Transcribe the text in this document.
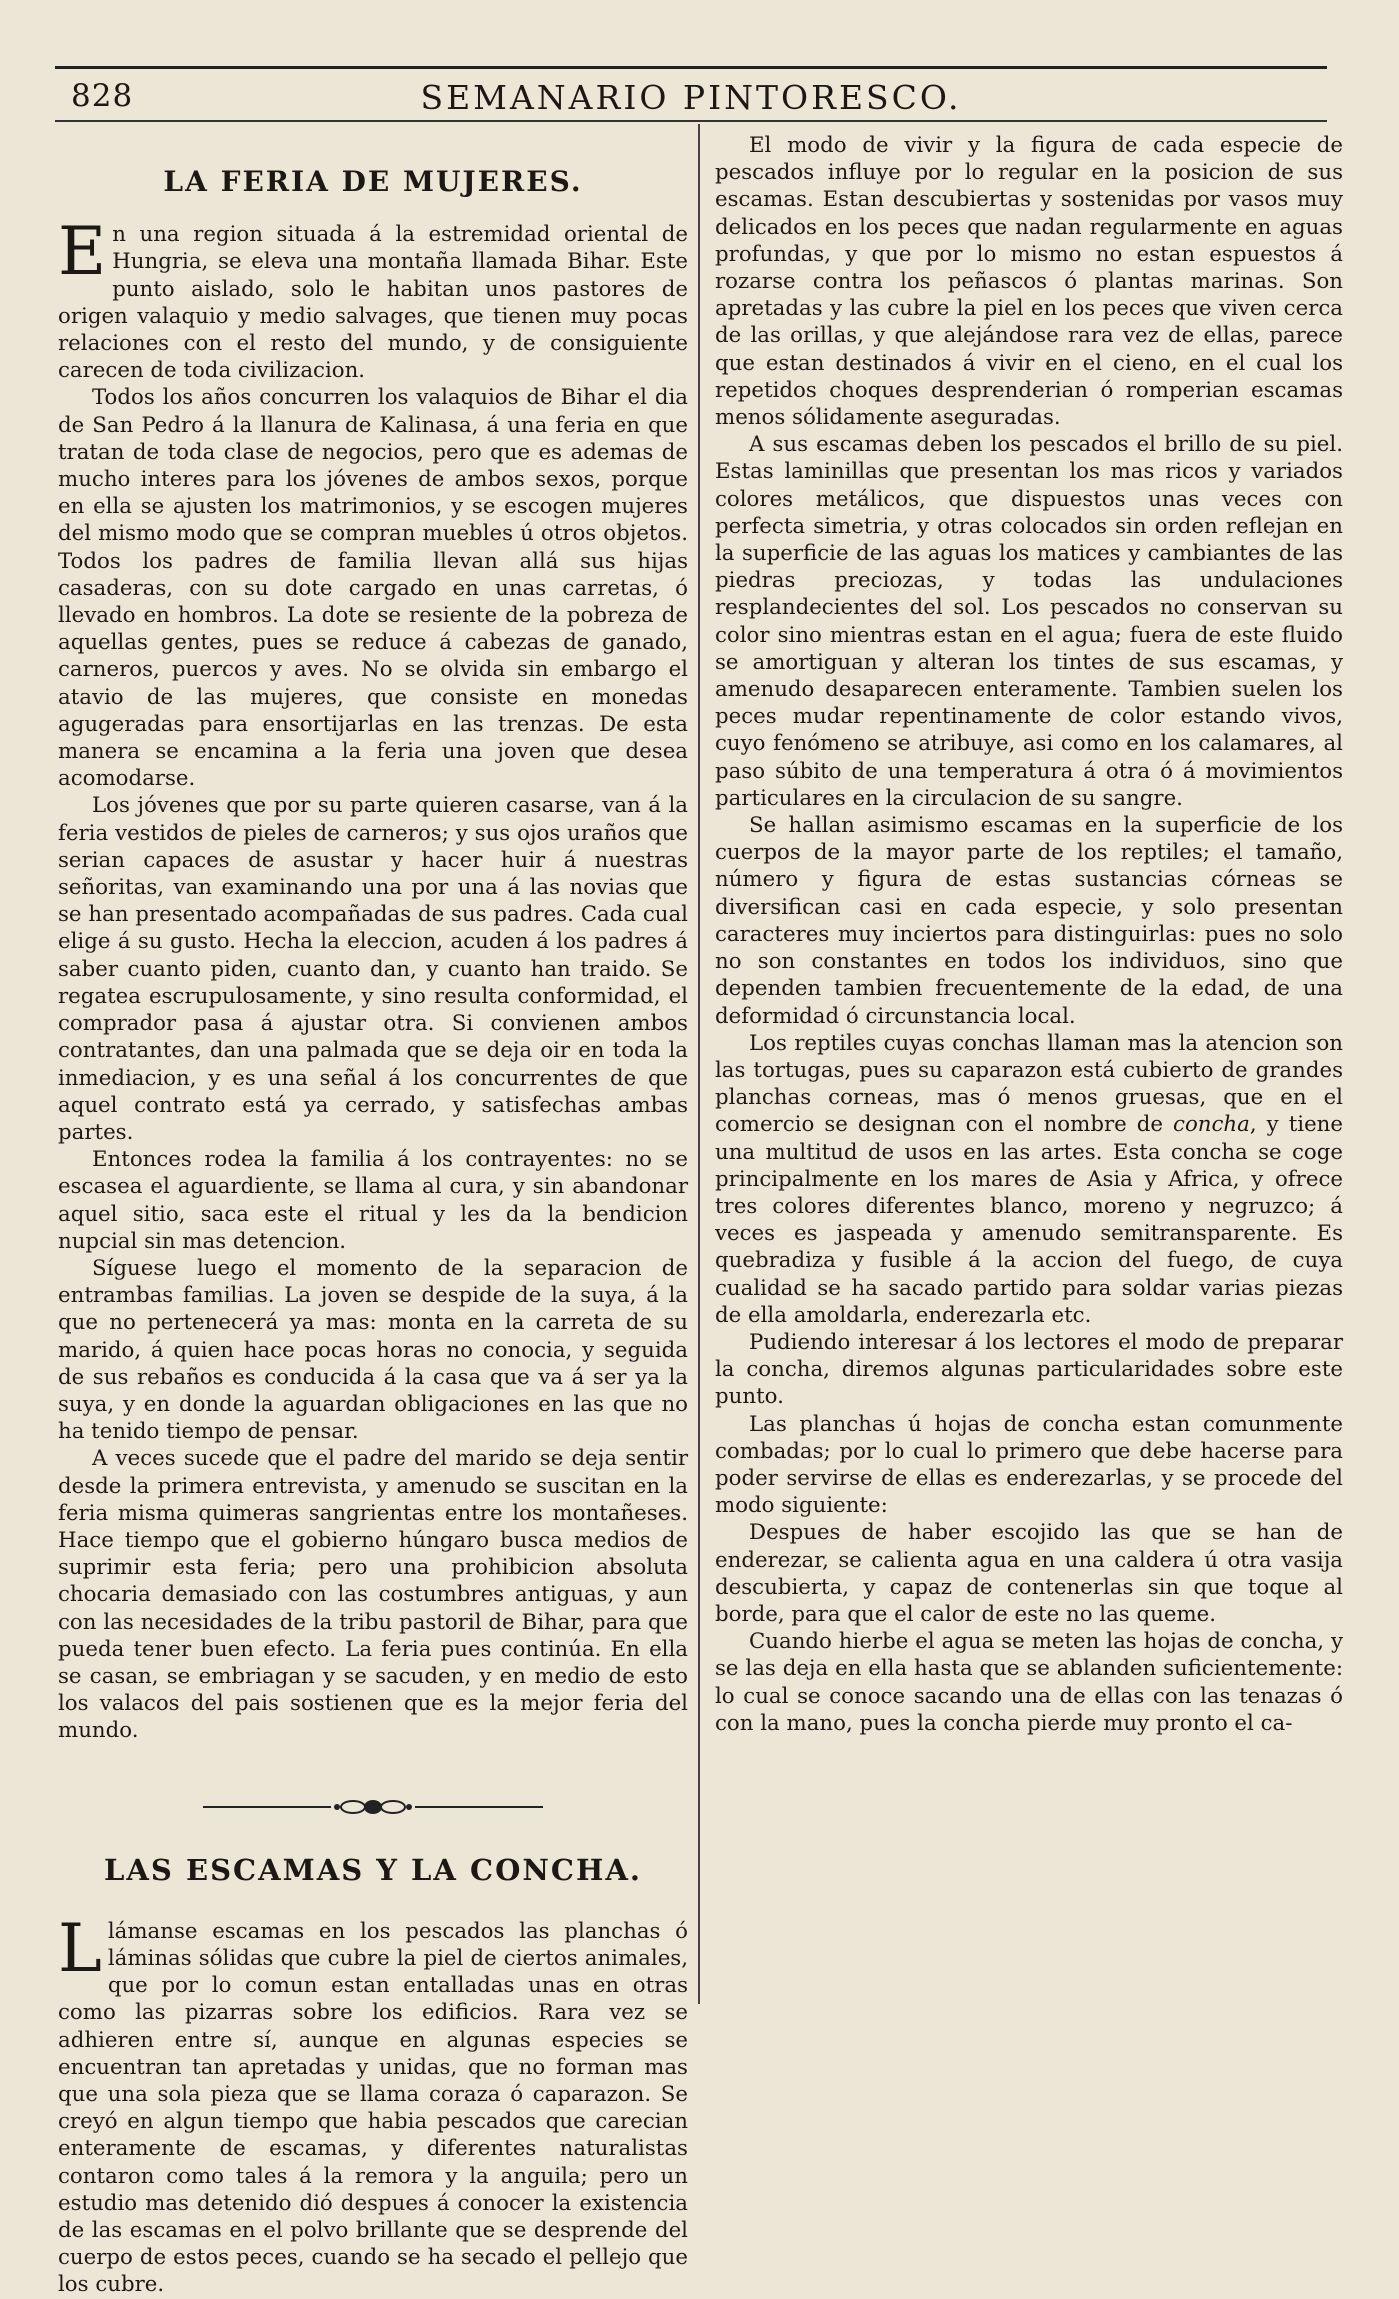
828	SEMANARIO PINTORESCO.
LA FERIA DE MUJERES.

En una region situada á la estremidad oriental de Hungria, se eleva una montaña llamada Bihar. Este punto aislado, solo le habitan unos pastores de origen valaquio y medio salvages, que tienen muy pocas relaciones con el resto del mundo, y de consiguiente carecen de toda civilizacion.

Todos los años concurren los valaquios de Bihar el dia de San Pedro á la llanura de Kalinasa, á una feria en que tratan de toda clase de negocios, pero que es ademas de mucho interes para los jóvenes de ambos sexos, porque en ella se ajusten los matrimonios, y se escogen mujeres del mismo modo que se compran muebles ú otros objetos. Todos los padres de familia llevan allá sus hijas casaderas, con su dote cargado en unas carretas, ó llevado en hombros. La dote se resiente de la pobreza de aquellas gentes, pues se reduce á cabezas de ganado, carneros, puercos y aves. No se olvida sin embargo el atavio de las mujeres, que consiste en monedas agugeradas para ensortijarlas en las trenzas. De esta manera se encamina a la feria una joven que desea acomodarse.

Los jóvenes que por su parte quieren casarse, van á la feria vestidos de pieles de carneros; y sus ojos uraños que serian capaces de asustar y hacer huir á nuestras señoritas, van examinando una por una á las novias que se han presentado acompañadas de sus padres. Cada cual elige á su gusto. Hecha la eleccion, acuden á los padres á saber cuanto piden, cuanto dan, y cuanto han traido. Se regatea escrupulosamente, y sino resulta conformidad, el comprador pasa á ajustar otra. Si convienen ambos contratantes, dan una palmada que se deja oir en toda la inmediacion, y es una señal á los concurrentes de que aquel contrato está ya cerrado, y satisfechas ambas partes.

Entonces rodea la familia á los contrayentes: no se escasea el aguardiente, se llama al cura, y sin abandonar aquel sitio, saca este el ritual y les da la bendicion nupcial sin mas detencion.

Síguese luego el momento de la separacion de entrambas familias. La joven se despide de la suya, á la que no pertenecerá ya mas: monta en la carreta de su marido, á quien hace pocas horas no conocia, y seguida de sus rebaños es conducida á la casa que va á ser ya la suya, y en donde la aguardan obligaciones en las que no ha tenido tiempo de pensar.

A veces sucede que el padre del marido se deja sentir desde la primera entrevista, y amenudo se suscitan en la feria misma quimeras sangrientas entre los montañeses. Hace tiempo que el gobierno húngaro busca medios de suprimir esta feria; pero una prohibicion absoluta chocaria demasiado con las costumbres antiguas, y aun con las necesidades de la tribu pastoril de Bihar, para que pueda tener buen efecto. La feria pues continúa. En ella se casan, se embriagan y se sacuden, y en medio de esto los valacos del pais sostienen que es la mejor feria del mundo.

LAS ESCAMAS Y LA CONCHA.

Llámanse escamas en los pescados las planchas ó láminas sólidas que cubre la piel de ciertos animales, que por lo comun estan entalladas unas en otras como las pizarras sobre los edificios. Rara vez se adhieren entre sí, aunque en algunas especies se encuentran tan apretadas y unidas, que no forman mas que una sola pieza que se llama coraza ó caparazon. Se creyó en algun tiempo que habia pescados que carecian enteramente de escamas, y diferentes naturalistas contaron como tales á la remora y la anguila; pero un estudio mas detenido dió despues á conocer la existencia de las escamas en el polvo brillante que se desprende del cuerpo de estos peces, cuando se ha secado el pellejo que los cubre.

El modo de vivir y la figura de cada especie de pescados influye por lo regular en la posicion de sus escamas. Estan descubiertas y sostenidas por vasos muy delicados en los peces que nadan regularmente en aguas profundas, y que por lo mismo no estan espuestos á rozarse contra los peñascos ó plantas marinas. Son apretadas y las cubre la piel en los peces que viven cerca de las orillas, y que alejándose rara vez de ellas, parece que estan destinados á vivir en el cieno, en el cual los repetidos choques desprenderian ó romperian escamas menos sólidamente aseguradas.

A sus escamas deben los pescados el brillo de su piel. Estas laminillas que presentan los mas ricos y variados colores metálicos, que dispuestos unas veces con perfecta simetria, y otras colocados sin orden reflejan en la superficie de las aguas los matices y cambiantes de las piedras preciozas, y todas las undulaciones resplandecientes del sol. Los pescados no conservan su color sino mientras estan en el agua; fuera de este fluido se amortiguan y alteran los tintes de sus escamas, y amenudo desaparecen enteramente. Tambien suelen los peces mudar repentinamente de color estando vivos, cuyo fenómeno se atribuye, asi como en los calamares, al paso súbito de una temperatura á otra ó á movimientos particulares en la circulacion de su sangre.

Se hallan asimismo escamas en la superficie de los cuerpos de la mayor parte de los reptiles; el tamaño, número y figura de estas sustancias córneas se diversifican casi en cada especie, y solo presentan caracteres muy inciertos para distinguirlas: pues no solo no son constantes en todos los individuos, sino que dependen tambien frecuentemente de la edad, de una deformidad ó circunstancia local.

Los reptiles cuyas conchas llaman mas la atencion son las tortugas, pues su caparazon está cubierto de grandes planchas corneas, mas ó menos gruesas, que en el comercio se designan con el nombre de concha, y tiene una multitud de usos en las artes. Esta concha se coge principalmente en los mares de Asia y Africa, y ofrece tres colores diferentes blanco, moreno y negruzco; á veces es jaspeada y amenudo semitransparente. Es quebradiza y fusible á la accion del fuego, de cuya cualidad se ha sacado partido para soldar varias piezas de ella amoldarla, enderezarla etc.

Pudiendo interesar á los lectores el modo de preparar la concha, diremos algunas particularidades sobre este punto.

Las planchas ú hojas de concha estan comunmente combadas; por lo cual lo primero que debe hacerse para poder servirse de ellas es enderezarlas, y se procede del modo siguiente:

Despues de haber escojido las que se han de enderezar, se calienta agua en una caldera ú otra vasija descubierta, y capaz de contenerlas sin que toque al borde, para que el calor de este no las queme.

Cuando hierbe el agua se meten las hojas de concha, y se las deja en ella hasta que se ablanden suficientemente: lo cual se conoce sacando una de ellas con las tenazas ó con la mano, pues la concha pierde muy pronto el ca-
